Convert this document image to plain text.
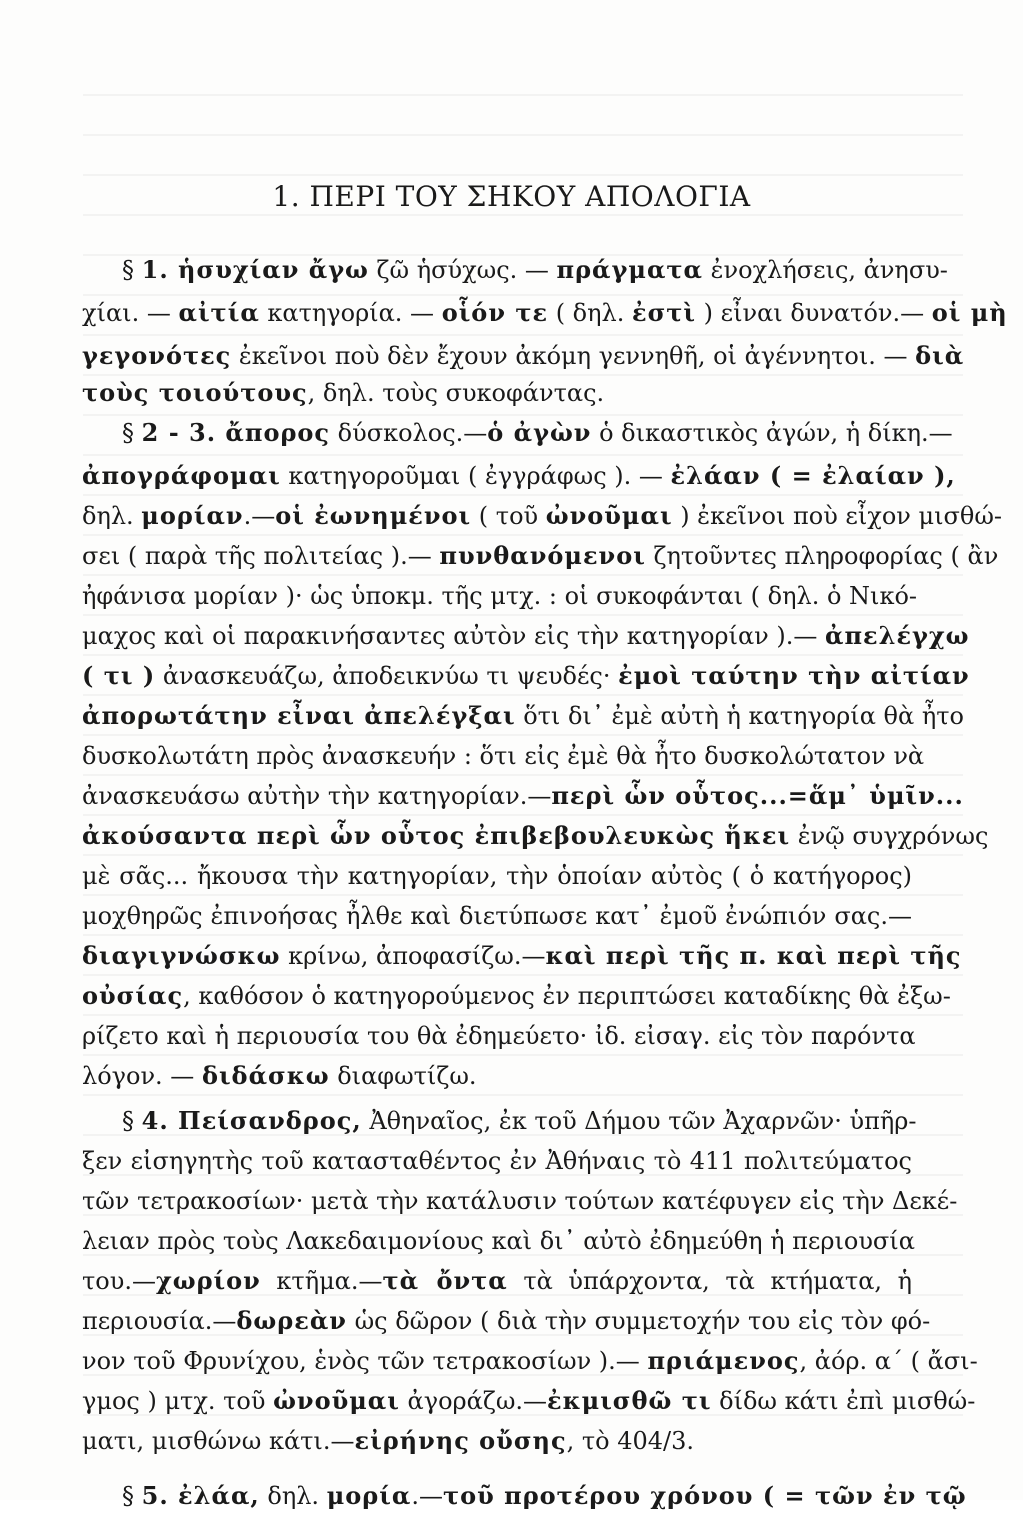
1. ΠΕΡΙ ΤΟΥ ΣΗΚΟΥ ΑΠΟΛΟΓΙΑ
§ 1. ἡσυχίαν ἄγω ζῶ ἡσύχως. — πράγματα ἐνοχλήσεις, ἀνησυ-
χίαι. — αἰτία κατηγορία. — οἷόν τε ( δηλ. ἐστὶ ) εἶναι δυνατόν.— οἱ μὴ
γεγονότες ἐκεῖνοι ποὺ δὲν ἔχουν ἀκόμη γεννηθῆ, οἱ ἀγέννητοι. — διὰ
τοὺς τοιούτους, δηλ. τοὺς συκοφάντας.
§ 2 - 3. ἄπορος δύσκολος.—ὁ ἀγὼν ὁ δικαστικὸς ἀγών, ἡ δίκη.—
ἀπογράφομαι κατηγοροῦμαι ( ἐγγράφως ). — ἐλάαν ( = ἐλαίαν ),
δηλ. μορίαν.—οἱ ἐωνημένοι ( τοῦ ὠνοῦμαι ) ἐκεῖνοι ποὺ εἶχον μισθώ-
σει ( παρὰ τῆς πολιτείας ).— πυνθανόμενοι ζητοῦντες πληροφορίας ( ἂν
ἠφάνισα μορίαν )· ὡς ὑποκμ. τῆς μτχ. : οἱ συκοφάνται ( δηλ. ὁ Νικό-
μαχος καὶ οἱ παρακινήσαντες αὐτὸν εἰς τὴν κατηγορίαν ).— ἀπελέγχω
( τι ) ἀνασκευάζω, ἀποδεικνύω τι ψευδές· ἐμοὶ ταύτην τὴν αἰτίαν
ἀπορωτάτην εἶναι ἀπελέγξαι ὅτι δι᾽ ἐμὲ αὐτὴ ἡ κατηγορία θὰ ἦτο
δυσκολωτάτη πρὸς ἀνασκευήν : ὅτι εἰς ἐμὲ θὰ ἦτο δυσκολώτατον νὰ
ἀνασκευάσω αὐτὴν τὴν κατηγορίαν.—περὶ ὧν οὗτος...=ἅμ᾽ ὑμῖν...
ἀκούσαντα περὶ ὧν οὗτος ἐπιβεβουλευκὼς ἥκει ἐνῷ συγχρόνως
μὲ σᾶς... ἤκουσα τὴν κατηγορίαν, τὴν ὁποίαν αὐτὸς ( ὁ κατήγορος)
μοχθηρῶς ἐπινοήσας ἦλθε καὶ διετύπωσε κατ᾽ ἐμοῦ ἐνώπιόν σας.—
διαγιγνώσκω κρίνω, ἀποφασίζω.—καὶ περὶ τῆς π. καὶ περὶ τῆς
οὐσίας, καθόσον ὁ κατηγορούμενος ἐν περιπτώσει καταδίκης θὰ ἐξω-
ρίζετο καὶ ἡ περιουσία του θὰ ἐδημεύετο· ἰδ. εἰσαγ. εἰς τὸν παρόντα
λόγον. — διδάσκω διαφωτίζω.
§ 4. Πείσανδρος, Ἀθηναῖος, ἐκ τοῦ Δήμου τῶν Ἀχαρνῶν· ὑπῆρ-
ξεν εἰσηγητὴς τοῦ κατασταθέντος ἐν Ἀθήναις τὸ 411 πολιτεύματος
τῶν τετρακοσίων· μετὰ τὴν κατάλυσιν τούτων κατέφυγεν εἰς τὴν Δεκέ-
λειαν πρὸς τοὺς Λακεδαιμονίους καὶ δι᾽ αὐτὸ ἐδημεύθη ἡ περιουσία
του.—χωρίον κτῆμα.—τὰ ὄντα τὰ ὑπάρχοντα, τὰ κτήματα, ἡ
περιουσία.—δωρεὰν ὡς δῶρον ( διὰ τὴν συμμετοχήν του εἰς τὸν φό-
νον τοῦ Φρυνίχου, ἑνὸς τῶν τετρακοσίων ).— πριάμενος, ἀόρ. α΄ ( ἄσι-
γμος ) μτχ. τοῦ ὠνοῦμαι ἀγοράζω.—ἐκμισθῶ τι δίδω κάτι ἐπὶ μισθώ-
ματι, μισθώνω κάτι.—εἰρήνης οὔσης, τὸ 404/3.
§ 5. ἐλάα, δηλ. μορία.—τοῦ προτέρου χρόνου ( = τῶν ἐν τῷ
